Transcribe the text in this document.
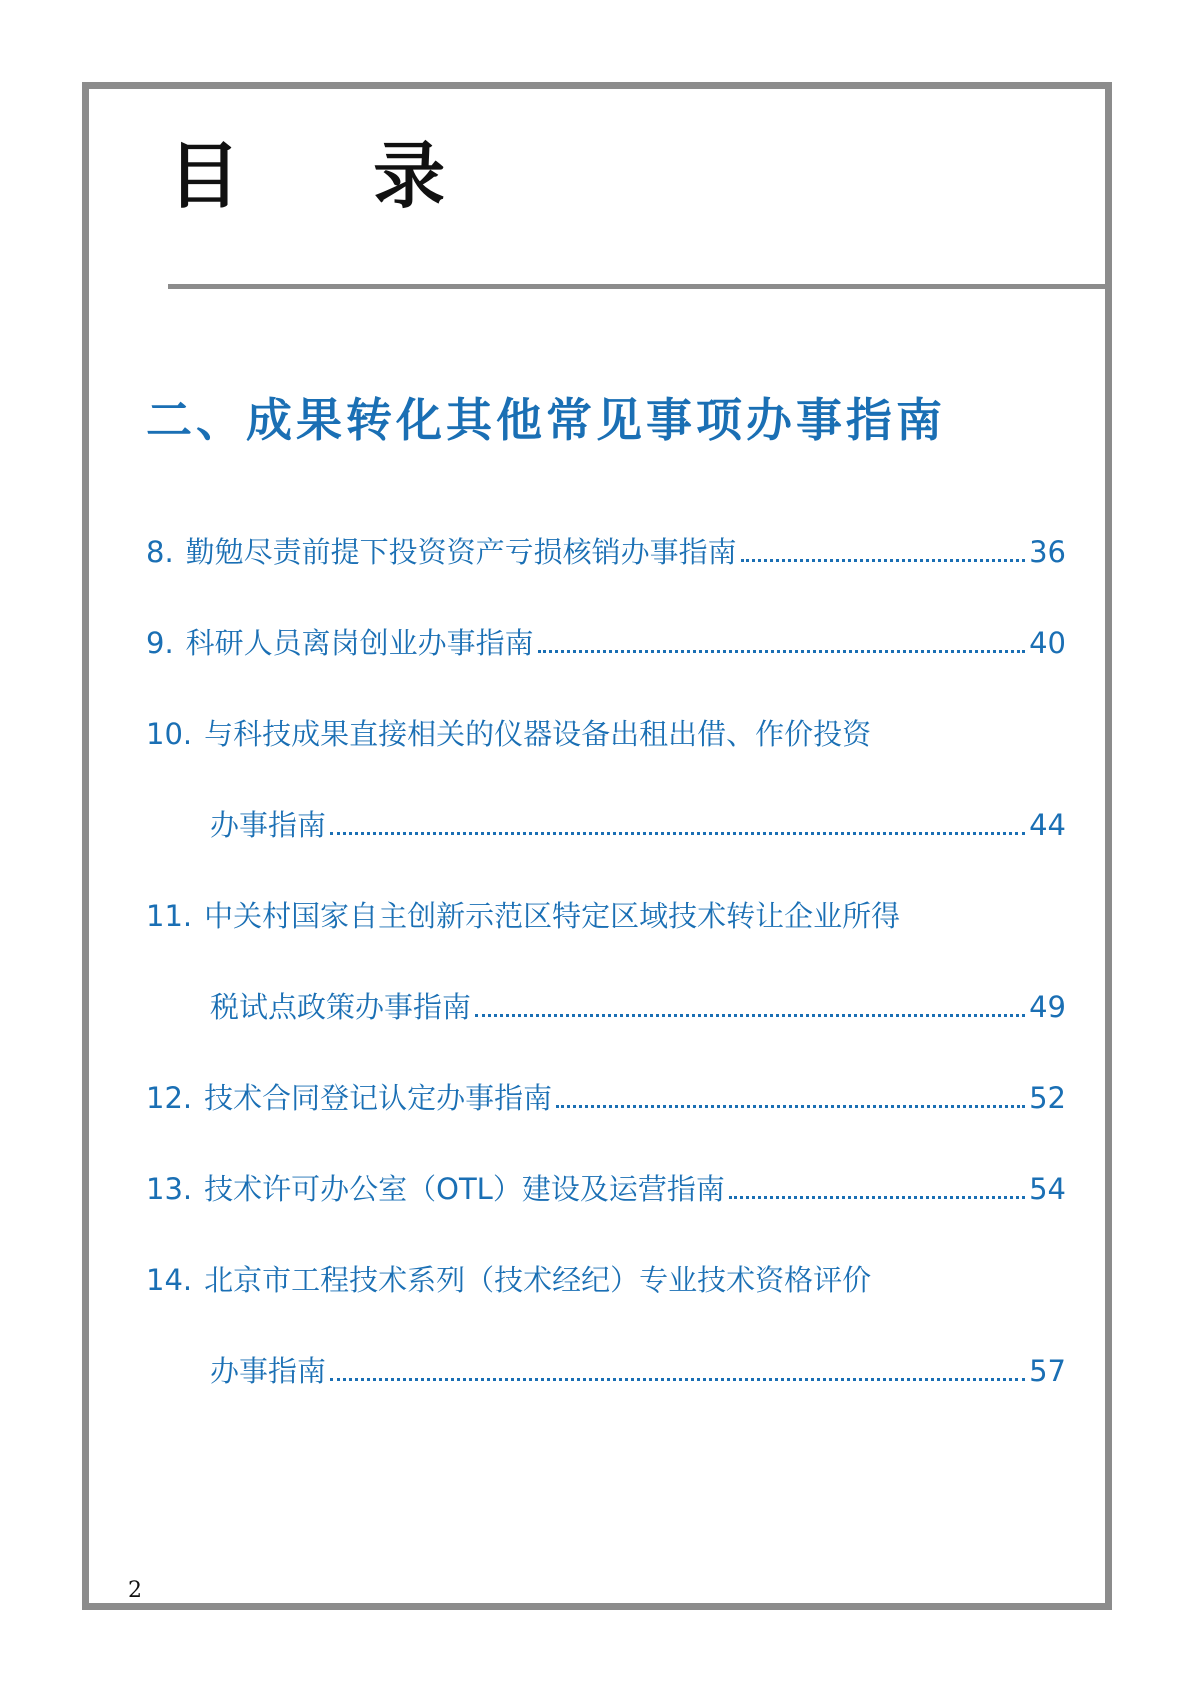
目 录
二、成果转化其他常见事项办事指南
8. 勤勉尽责前提下投资资产亏损核销办事指南	36
9. 科研人员离岗创业办事指南	40
10. 与科技成果直接相关的仪器设备出租出借、作价投资
办事指南	44
11. 中关村国家自主创新示范区特定区域技术转让企业所得
税试点政策办事指南	49
12. 技术合同登记认定办事指南	52
13. 技术许可办公室（OTL）建设及运营指南	54
14. 北京市工程技术系列（技术经纪）专业技术资格评价
办事指南	57
2
